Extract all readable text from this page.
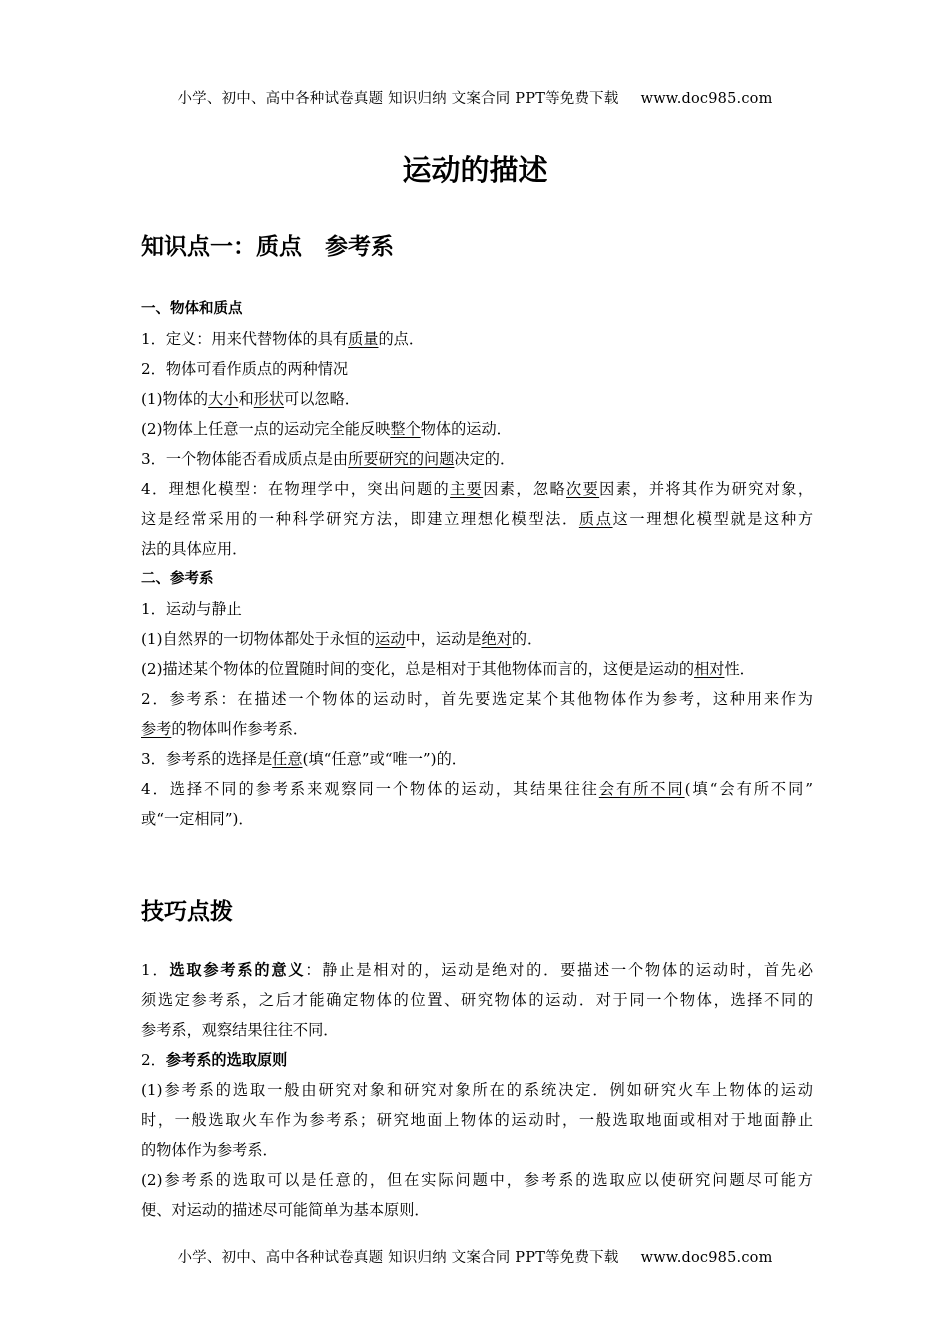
小学、初中、高中各种试卷真题 知识归纳 文案合同 PPT等免费下载 www.doc985.com
运动的描述
知识点一：质点　参考系
一、物体和质点
1．定义：用来代替物体的具有质量的点．
2．物体可看作质点的两种情况
(1)物体的大小和形状可以忽略．
(2)物体上任意一点的运动完全能反映整个物体的运动．
3．一个物体能否看成质点是由所要研究的问题决定的．
4．理想化模型：在物理学中，突出问题的主要因素，忽略次要因素，并将其作为研究对象，
这是经常采用的一种科学研究方法，即建立理想化模型法．质点这一理想化模型就是这种方
法的具体应用．
二、参考系
1．运动与静止
(1)自然界的一切物体都处于永恒的运动中，运动是绝对的．
(2)描述某个物体的位置随时间的变化，总是相对于其他物体而言的，这便是运动的相对性．
2．参考系：在描述一个物体的运动时，首先要选定某个其他物体作为参考，这种用来作为
参考的物体叫作参考系．
3．参考系的选择是任意(填“任意”或“唯一”)的．
4．选择不同的参考系来观察同一个物体的运动，其结果往往会有所不同(填“会有所不同”
或“一定相同”)．
技巧点拨
1．选取参考系的意义：静止是相对的，运动是绝对的．要描述一个物体的运动时，首先必
须选定参考系，之后才能确定物体的位置、研究物体的运动．对于同一个物体，选择不同的
参考系，观察结果往往不同．
2．参考系的选取原则
(1)参考系的选取一般由研究对象和研究对象所在的系统决定．例如研究火车上物体的运动
时，一般选取火车作为参考系；研究地面上物体的运动时，一般选取地面或相对于地面静止
的物体作为参考系．
(2)参考系的选取可以是任意的，但在实际问题中，参考系的选取应以使研究问题尽可能方
便、对运动的描述尽可能简单为基本原则．
小学、初中、高中各种试卷真题 知识归纳 文案合同 PPT等免费下载 www.doc985.com
